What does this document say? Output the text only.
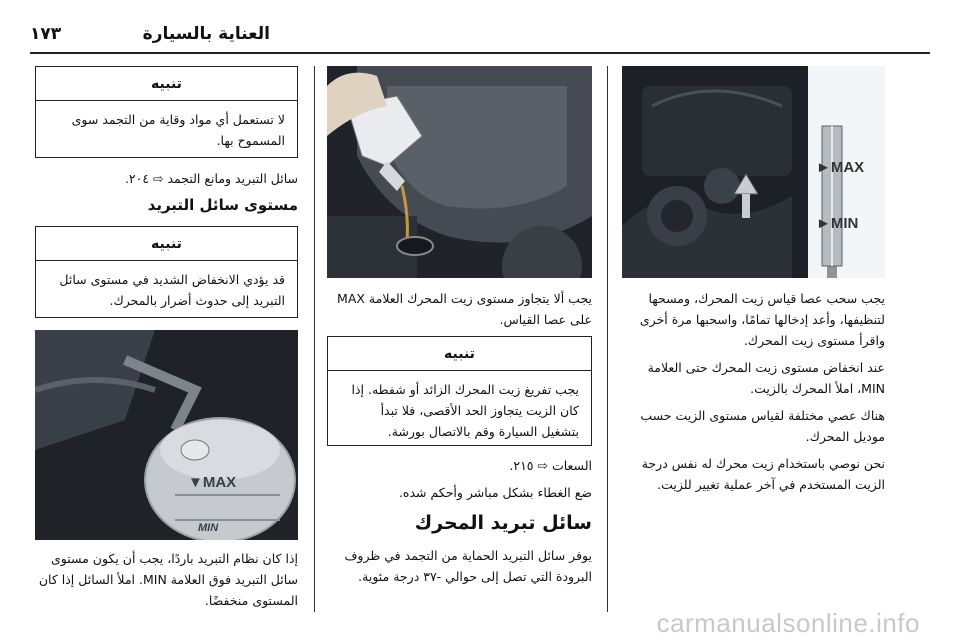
العناية بالسيارة
١٧٣
►MAX
►MIN

يجب سحب عصا قياس زيت المحرك، ومسحها لتنظيفها، وأعد إدخالها تمامًا، واسحبها مرة أخرى واقرأ مستوى زيت المحرك.

عند انخفاض مستوى زيت المحرك حتى العلامة MIN، املأ المحرك بالزيت.

هناك عصي مختلفة لقياس مستوى الزيت حسب موديل المحرك.

نحن نوصي باستخدام زيت محرك له نفس درجة الزيت المستخدم في آخر عملية تغيير للزيت.

يجب ألا يتجاوز مستوى زيت المحرك العلامة MAX على عصا القياس.
تنبيه
يجب تفريغ زيت المحرك الزائد أو شفطه. إذا كان الزيت يتجاوز الحد الأقصى، فلا تبدأ بتشغيل السيارة وقم بالاتصال بورشة.
السعات ⇨ ٢١٥.
ضع الغطاء بشكل مباشر وأحكم شده.
سائل تبريد المحرك
يوفر سائل التبريد الحماية من التجمد في ظروف البرودة التي تصل إلى حوالي -٣٧ درجة مئوية.
تنبيه
لا تستعمل أي مواد وقاية من التجمد سوى المسموح بها.
سائل التبريد ومانع التجمد ⇨ ٢٠٤.
مستوى سائل التبريد
تنبيه
قد يؤدي الانخفاض الشديد في مستوى سائل التبريد إلى حدوث أضرار بالمحرك.
▼MAX
MIN
إذا كان نظام التبريد باردًا، يجب أن يكون مستوى سائل التبريد فوق العلامة MIN. املأ السائل إذا كان المستوى منخفضًا.
carmanualsonline.info
